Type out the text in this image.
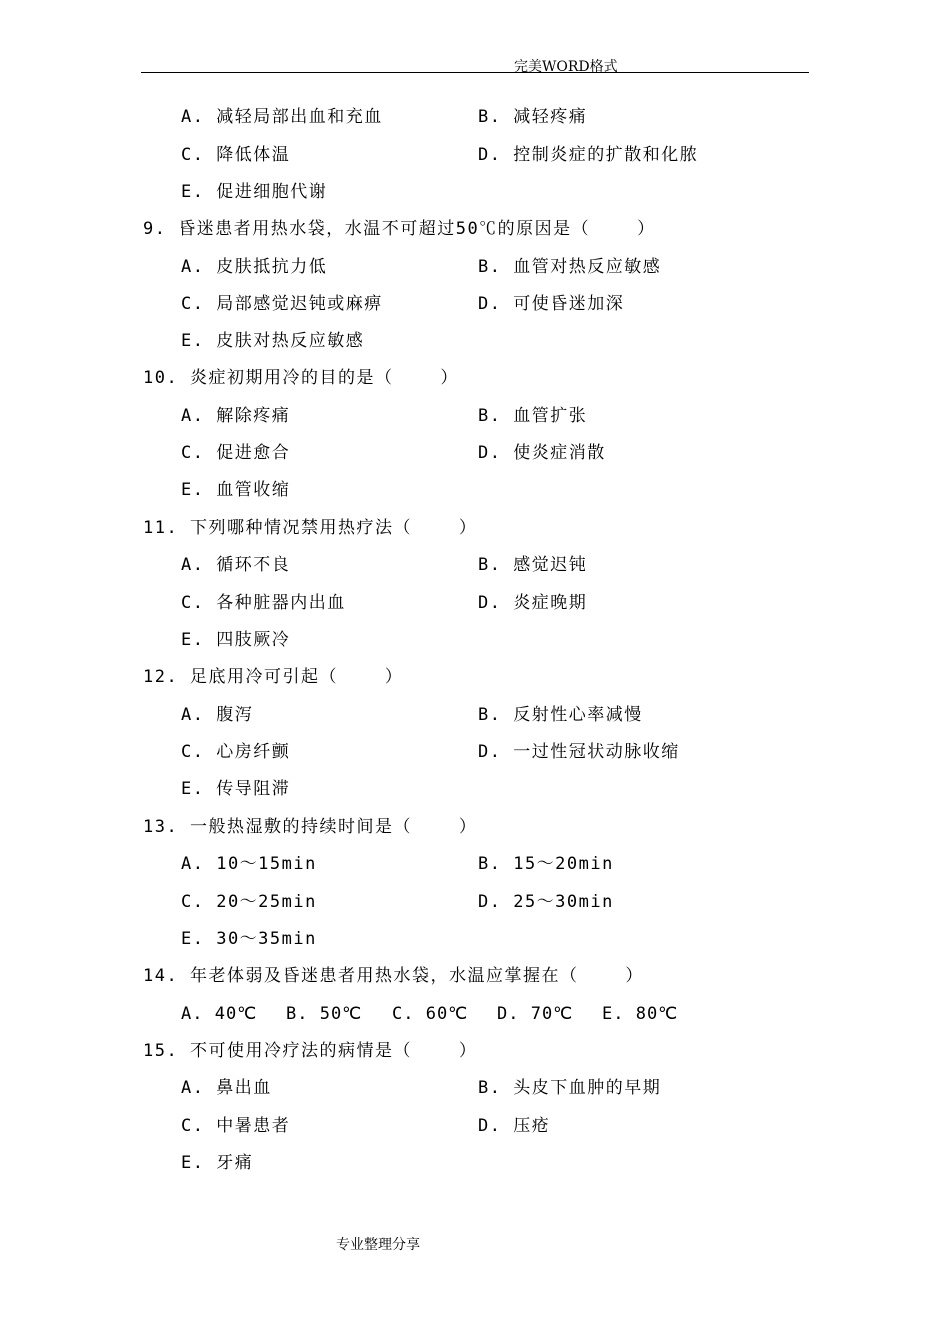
完美WORD格式
A. 减轻局部出血和充血	B. 减轻疼痛
C. 降低体温	D. 控制炎症的扩散和化脓
E. 促进细胞代谢
9. 昏迷患者用热水袋，水温不可超过50℃的原因是（    ）
A. 皮肤抵抗力低	B. 血管对热反应敏感
C. 局部感觉迟钝或麻痹	D. 可使昏迷加深
E. 皮肤对热反应敏感
10. 炎症初期用冷的目的是（    ）
A. 解除疼痛	B. 血管扩张
C. 促进愈合	D. 使炎症消散
E. 血管收缩
11. 下列哪种情况禁用热疗法（    ）
A. 循环不良	B. 感觉迟钝
C. 各种脏器内出血	D. 炎症晚期
E. 四肢厥冷
12. 足底用冷可引起（    ）
A. 腹泻	B. 反射性心率减慢
C. 心房纤颤	D. 一过性冠状动脉收缩
E. 传导阻滞
13. 一般热湿敷的持续时间是（    ）
A. 10～15min	B. 15～20min
C. 20～25min	D. 25～30min
E. 30～35min
14. 年老体弱及昏迷患者用热水袋，水温应掌握在（    ）
A. 40℃ B. 50℃ C. 60℃ D. 70℃ E. 80℃
15. 不可使用冷疗法的病情是（    ）
A. 鼻出血	B. 头皮下血肿的早期
C. 中暑患者	D. 压疮
E. 牙痛
专业整理分享
